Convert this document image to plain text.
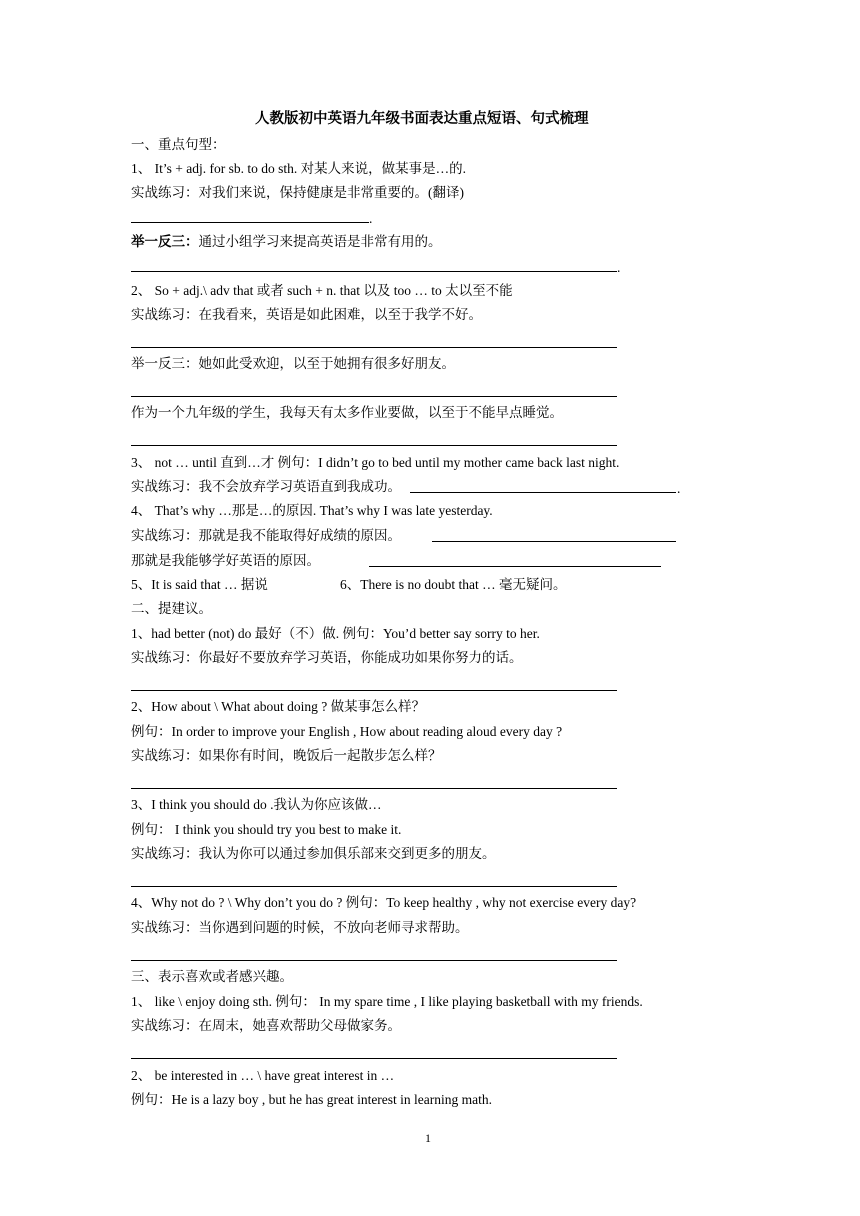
人教版初中英语九年级书面表达重点短语、句式梳理
一、重点句型：
1、 It’s + adj. for sb. to do sth. 对某人来说，做某事是…的.
实战练习：对我们来说，保持健康是非常重要的。(翻译)
.
举一反三：通过小组学习来提高英语是非常有用的。
.
2、 So + adj.\ adv that 或者 such + n. that 以及 too … to 太以至不能
实战练习：在我看来，英语是如此困难，以至于我学不好。
举一反三：她如此受欢迎，以至于她拥有很多好朋友。
作为一个九年级的学生，我每天有太多作业要做，以至于不能早点睡觉。
3、 not … until 直到…才 例句：I didn’t go to bed until my mother came back last night.
实战练习：我不会放弃学习英语直到我成功。	.
4、 That’s why …那是…的原因. That’s why I was late yesterday.
实战练习：那就是我不能取得好成绩的原因。
那就是我能够学好英语的原因。
5、It is said that … 据说	6、There is no doubt that … 毫无疑问。
二、提建议。
1、had better (not) do 最好（不）做. 例句：You’d better say sorry to her.
实战练习：你最好不要放弃学习英语，你能成功如果你努力的话。
2、How about \ What about doing ? 做某事怎么样？
例句：In order to improve your English , How about reading aloud every day ?
实战练习：如果你有时间，晚饭后一起散步怎么样？
3、I think you should do .我认为你应该做…
例句： I think you should try you best to make it.
实战练习：我认为你可以通过参加俱乐部来交到更多的朋友。
4、Why not do ? \ Why don’t you do ? 例句：To keep healthy , why not exercise every day?
实战练习：当你遇到问题的时候，不放向老师寻求帮助。
三、表示喜欢或者感兴趣。
1、 like \ enjoy doing sth. 例句： In my spare time , I like playing basketball with my friends.
实战练习：在周末，她喜欢帮助父母做家务。
2、 be interested in … \ have great interest in …
例句：He is a lazy boy , but he has great interest in learning math.
1
